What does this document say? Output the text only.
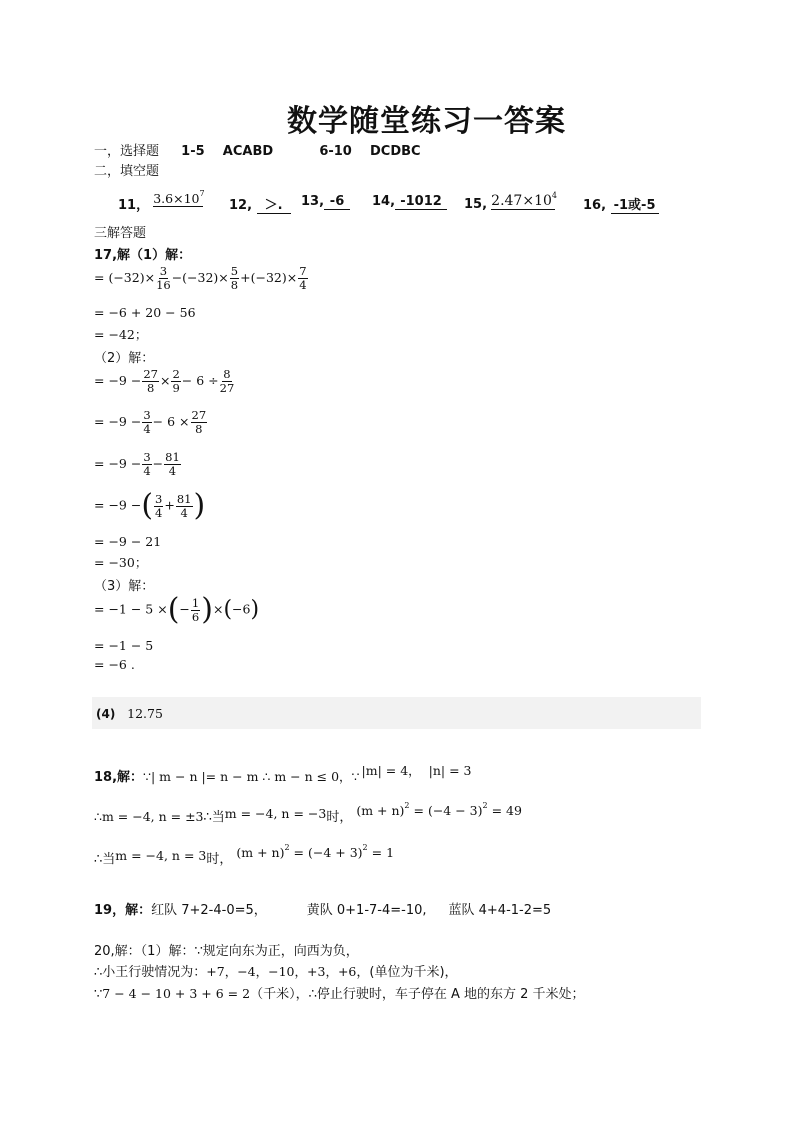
数学随堂练习一答案
一，选择题 1-5 ACABD	6-10 DCDBC
二，填空题
11， $3.6\times 10^7$
12, ＞.	13, -6	14, -1012	15, $2.47\times 10^4$
16, -1或-5
三解答题
17,解（1）解：
= $(-32)\times \frac{3}{16} -(-32)\times \frac{5}{8} +(-32)\times \frac{7}{4}$
= −6 + 20 − 56
= −42；
（2）解：
= $-9 - \frac{27}{8} \times \frac{2}{9} - 6 \div \frac{8}{27}$
= $-9 - \frac{3}{4} - 6 \times \frac{27}{8}$
= $-9 - \frac{3}{4} - \frac{81}{4}$
= −9 −( $\frac{3}{4} + \frac{81}{4}$ )
= −9 − 21
= −30；
（3）解：
= −1 − 5 ×(− $\frac{1}{6} )\times(-6)$
= −1 − 5
= −6 .
(4) 12.75
18,解：∵| m − n |= n − m ∴ m − n ≤ 0，∵ |m| = 4， |n| = 3
∴m = −4, n = ±3∴当m = −4, n = −3时， $(m + n)^2 = (-4 - 3)^2 = 49$
∴当m = −4, n = 3时， $(m + n)^2 = (-4 + 3)^2 = 1$
19，解：红队 7+2-4-0=5，	黄队 0+1-7-4=-10, 蓝队 4+4-1-2=5
20,解：（1）解：∵规定向东为正，向西为负，
∴小王行驶情况为：+7，−4，−10，+3，+6，(单位为千米)，
∵7 − 4 − 10 + 3 + 6 = 2（千米），∴停止行驶时，车子停在 A 地的东方 2 千米处；
